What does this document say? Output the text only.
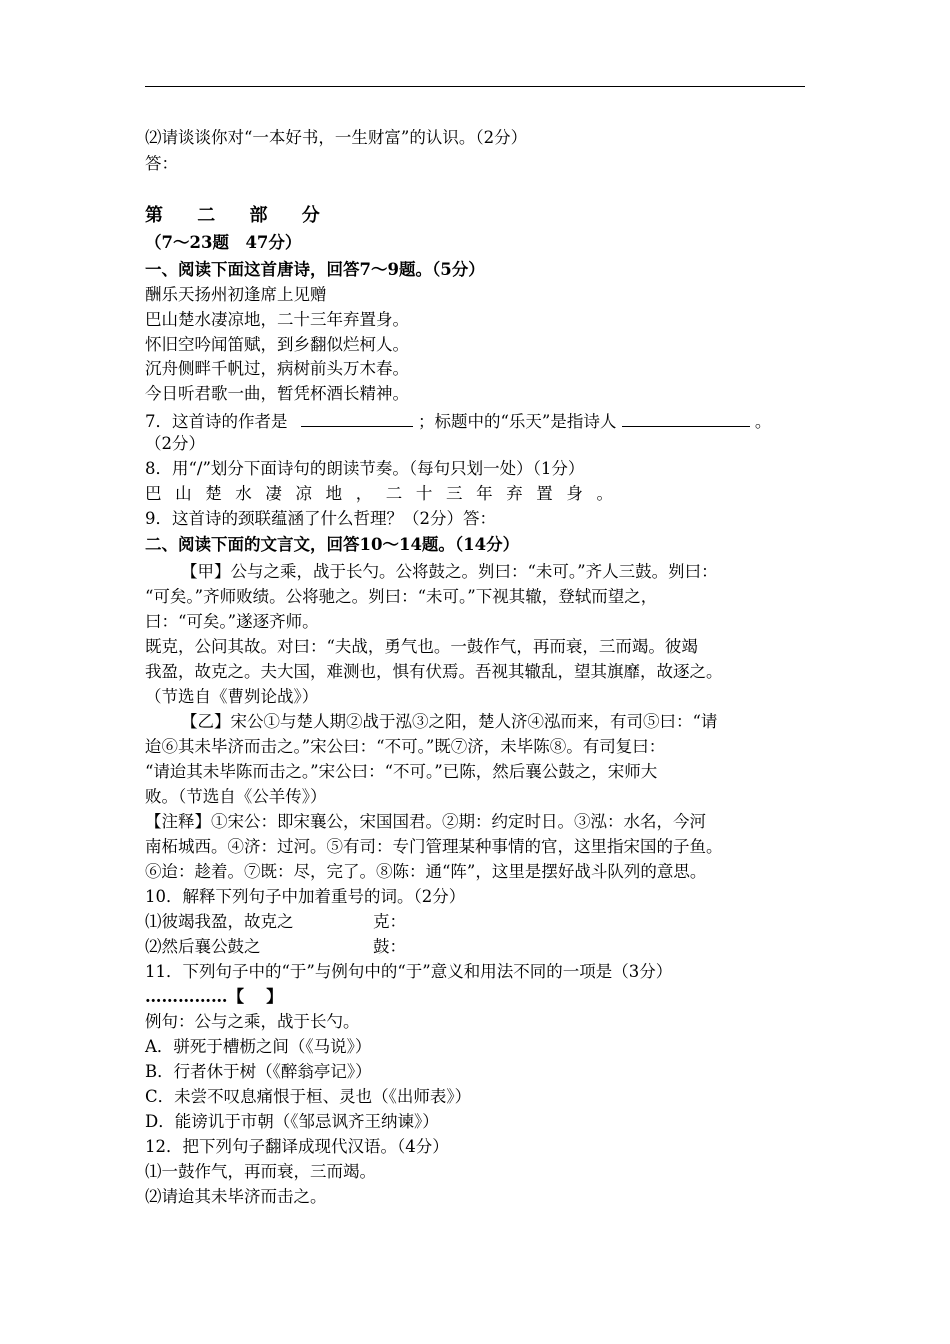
⑵请谈谈你对“一本好书，一生财富”的认识。（2分）
答：
第 二 部 分
（7～23题　47分）
一、阅读下面这首唐诗，回答7～9题。（5分）
酬乐天扬州初逢席上见赠
巴山楚水凄凉地，二十三年弃置身。
怀旧空吟闻笛赋，到乡翻似烂柯人。
沉舟侧畔千帆过，病树前头万木春。
今日听君歌一曲，暂凭杯酒长精神。
7．这首诗的作者是	；标题中的“乐天”是指诗人	。
（2分）
8．用“/”划分下面诗句的朗读节奏。（每句只划一处）（1分）
巴山楚水凄凉地，二十三年弃置身。
9．这首诗的颈联蕴涵了什么哲理？（2分）答：
二、阅读下面的文言文，回答10～14题。（14分）
【甲】公与之乘，战于长勺。公将鼓之。刿曰：“未可。”齐人三鼓。刿曰：
“可矣。”齐师败绩。公将驰之。刿曰：“未可。”下视其辙，登轼而望之，
曰：“可矣。”遂逐齐师。
既克，公问其故。对曰：“夫战，勇气也。一鼓作气，再而衰，三而竭。彼竭
我盈，故克之。夫大国，难测也，惧有伏焉。吾视其辙乱，望其旗靡，故逐之。
（节选自《曹刿论战》）
【乙】宋公①与楚人期②战于泓③之阳，楚人济④泓而来，有司⑤曰：“请
迨⑥其未毕济而击之。”宋公曰：“不可。”既⑦济，未毕陈⑧。有司复曰：
“请迨其未毕陈而击之。”宋公曰：“不可。”已陈，然后襄公鼓之，宋师大
败。（节选自《公羊传》）
【注释】①宋公：即宋襄公，宋国国君。②期：约定时日。③泓：水名，今河
南柘城西。④济：过河。⑤有司：专门管理某种事情的官，这里指宋国的子鱼。
⑥迨：趁着。⑦既：尽，完了。⑧陈：通“阵”，这里是摆好战斗队列的意思。
10．解释下列句子中加着重号的词。（2分）
⑴彼竭我盈，故克之	克：
⑵然后襄公鼓之	鼓：
11．下列句子中的“于”与例句中的“于”意义和用法不同的一项是（3分）
……………【　 】
例句：公与之乘，战于长勺。
A．骈死于槽枥之间（《马说》）
B．行者休于树（《醉翁亭记》）
C．未尝不叹息痛恨于桓、灵也（《出师表》）
D．能谤讥于市朝（《邹忌讽齐王纳谏》）
12．把下列句子翻译成现代汉语。（4分）
⑴一鼓作气，再而衰，三而竭。
⑵请迨其未毕济而击之。
